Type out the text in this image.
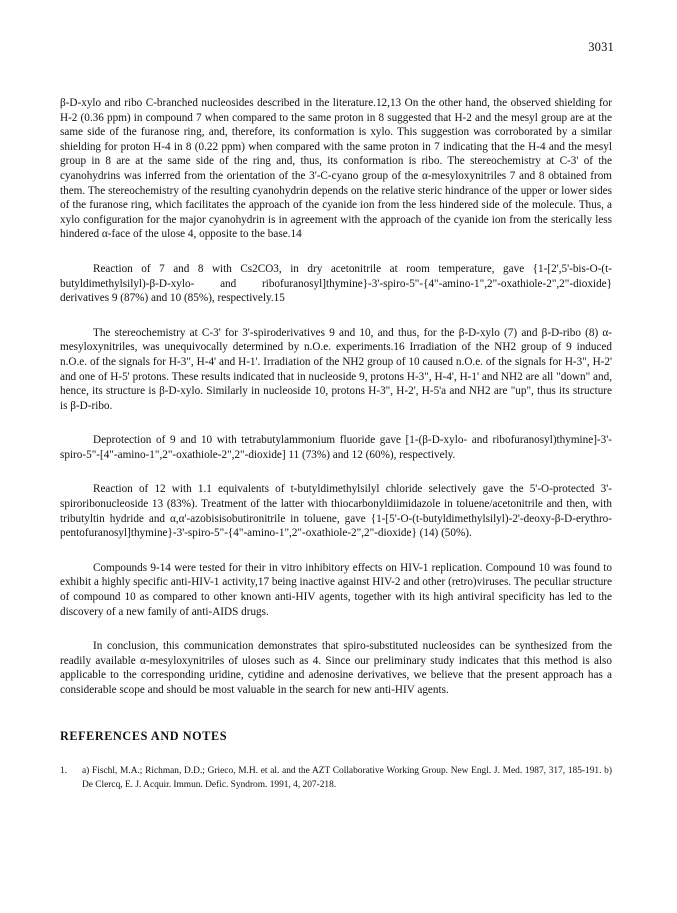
3031

β-D-xylo and ribo C-branched nucleosides described in the literature.12,13 On the other hand, the observed shielding for H-2 (0.36 ppm) in compound 7 when compared to the same proton in 8 suggested that H-2 and the mesyl group are at the same side of the furanose ring, and, therefore, its conformation is xylo. This suggestion was corroborated by a similar shielding for proton H-4 in 8 (0.22 ppm) when compared with the same proton in 7 indicating that the H-4 and the mesyl group in 8 are at the same side of the ring and, thus, its conformation is ribo. The stereochemistry at C-3' of the cyanohydrins was inferred from the orientation of the 3'-C-cyano group of the α-mesyloxynitriles 7 and 8 obtained from them. The stereochemistry of the resulting cyanohydrin depends on the relative steric hindrance of the upper or lower sides of the furanose ring, which facilitates the approach of the cyanide ion from the less hindered side of the molecule. Thus, a xylo configuration for the major cyanohydrin is in agreement with the approach of the cyanide ion from the sterically less hindered α-face of the ulose 4, opposite to the base.14

Reaction of 7 and 8 with Cs2CO3, in dry acetonitrile at room temperature, gave {1-[2',5'-bis-O-(t-butyldimethylsilyl)-β-D-xylo- and ribofuranosyl]thymine}-3'-spiro-5"-{4"-amino-1",2"-oxathiole-2",2"-dioxide} derivatives 9 (87%) and 10 (85%), respectively.15

The stereochemistry at C-3' for 3'-spiroderivatives 9 and 10, and thus, for the β-D-xylo (7) and β-D-ribo (8) α-mesyloxynitriles, was unequivocally determined by n.O.e. experiments.16 Irradiation of the NH2 group of 9 induced n.O.e. of the signals for H-3", H-4' and H-1'. Irradiation of the NH2 group of 10 caused n.O.e. of the signals for H-3", H-2' and one of H-5' protons. These results indicated that in nucleoside 9, protons H-3", H-4', H-1' and NH2 are all "down" and, hence, its structure is β-D-xylo. Similarly in nucleoside 10, protons H-3", H-2', H-5'a and NH2 are "up", thus its structure is β-D-ribo.

Deprotection of 9 and 10 with tetrabutylammonium fluoride gave [1-(β-D-xylo- and ribofuranosyl)thymine]-3'-spiro-5"-[4"-amino-1",2"-oxathiole-2",2"-dioxide] 11 (73%) and 12 (60%), respectively.

Reaction of 12 with 1.1 equivalents of t-butyldimethylsilyl chloride selectively gave the 5'-O-protected 3'-spiroribonucleoside 13 (83%). Treatment of the latter with thiocarbonyldiimidazole in toluene/acetonitrile and then, with tributyltin hydride and α,α'-azobisisobutironitrile in toluene, gave {1-[5'-O-(t-butyldimethylsilyl)-2'-deoxy-β-D-erythro-pentofuranosyl]thymine}-3'-spiro-5"-{4"-amino-1",2"-oxathiole-2",2"-dioxide} (14) (50%).

Compounds 9-14 were tested for their in vitro inhibitory effects on HIV-1 replication. Compound 10 was found to exhibit a highly specific anti-HIV-1 activity,17 being inactive against HIV-2 and other (retro)viruses. The peculiar structure of compound 10 as compared to other known anti-HIV agents, together with its high antiviral specificity has led to the discovery of a new family of anti-AIDS drugs.

In conclusion, this communication demonstrates that spiro-substituted nucleosides can be synthesized from the readily available α-mesyloxynitriles of uloses such as 4. Since our preliminary study indicates that this method is also applicable to the corresponding uridine, cytidine and adenosine derivatives, we believe that the present approach has a considerable scope and should be most valuable in the search for new anti-HIV agents.

REFERENCES AND NOTES
1.	a) Fischl, M.A.; Richman, D.D.; Grieco, M.H. et al. and the AZT Collaborative Working Group. New Engl. J. Med. 1987, 317, 185-191. b) De Clercq, E. J. Acquir. Immun. Defic. Syndrom. 1991, 4, 207-218.
